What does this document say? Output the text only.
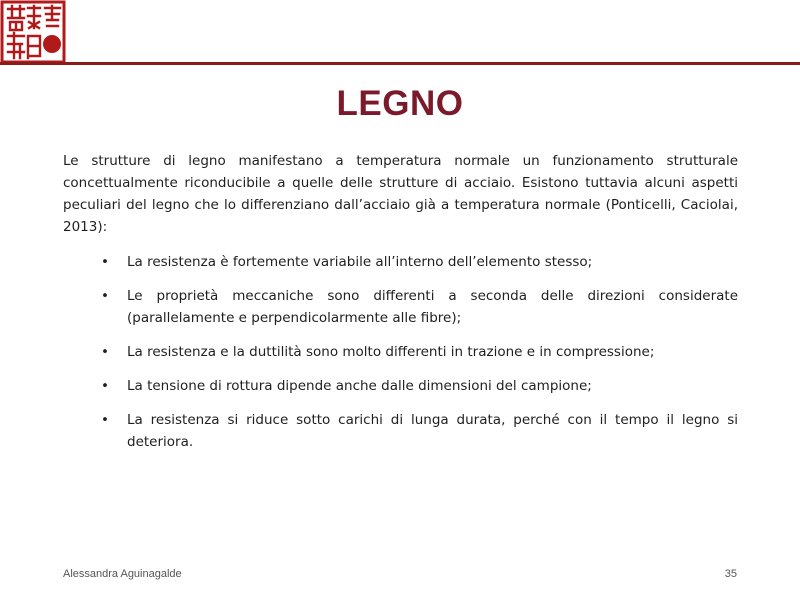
LEGNO

Le strutture di legno manifestano a temperatura normale un funzionamento strutturale concettualmente riconducibile a quelle delle strutture di acciaio. Esistono tuttavia alcuni aspetti peculiari del legno che lo differenziano dall’acciaio già a temperatura normale (Ponticelli, Caciolai, 2013):

•	La resistenza è fortemente variabile all’interno dell’elemento stesso;
•	Le proprietà meccaniche sono differenti a seconda delle direzioni considerate (parallelamente e perpendicolarmente alle fibre);
•	La resistenza e la duttilità sono molto differenti in trazione e in compressione;
•	La tensione di rottura dipende anche dalle dimensioni del campione;
•	La resistenza si riduce sotto carichi di lunga durata, perché con il tempo il legno si deteriora.
Alessandra Aguinagalde	35
